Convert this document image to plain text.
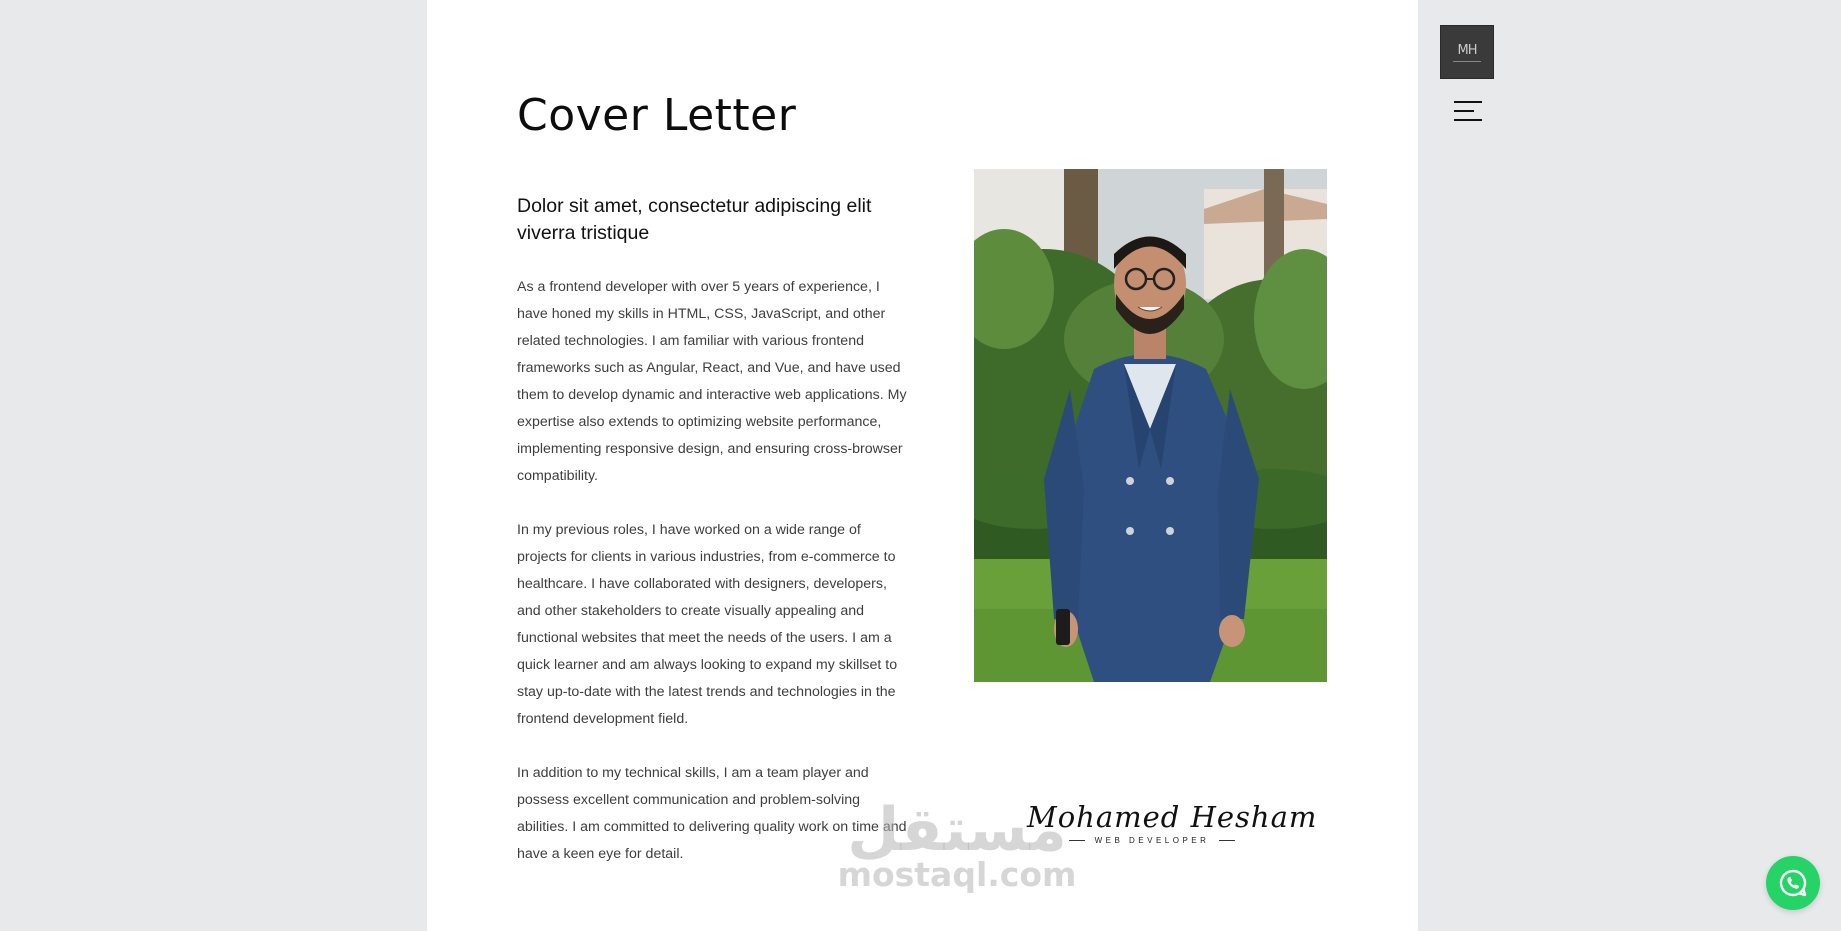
Cover Letter
Dolor sit amet, consectetur adipiscing elit viverra tristique

As a frontend developer with over 5 years of experience, I have honed my skills in HTML, CSS, JavaScript, and other related technologies. I am familiar with various frontend frameworks such as Angular, React, and Vue, and have used them to develop dynamic and interactive web applications. My expertise also extends to optimizing website performance, implementing responsive design, and ensuring cross-browser compatibility.

In my previous roles, I have worked on a wide range of projects for clients in various industries, from e-commerce to healthcare. I have collaborated with designers, developers, and other stakeholders to create visually appealing and functional websites that meet the needs of the users. I am a quick learner and am always looking to expand my skillset to stay up-to-date with the latest trends and technologies in the frontend development field.

In addition to my technical skills, I am a team player and possess excellent communication and problem-solving abilities. I am committed to delivering quality work on time and have a keen eye for detail.

Mohamed Hesham
WEB DEVELOPER
مستقل
mostaql.com
MH
